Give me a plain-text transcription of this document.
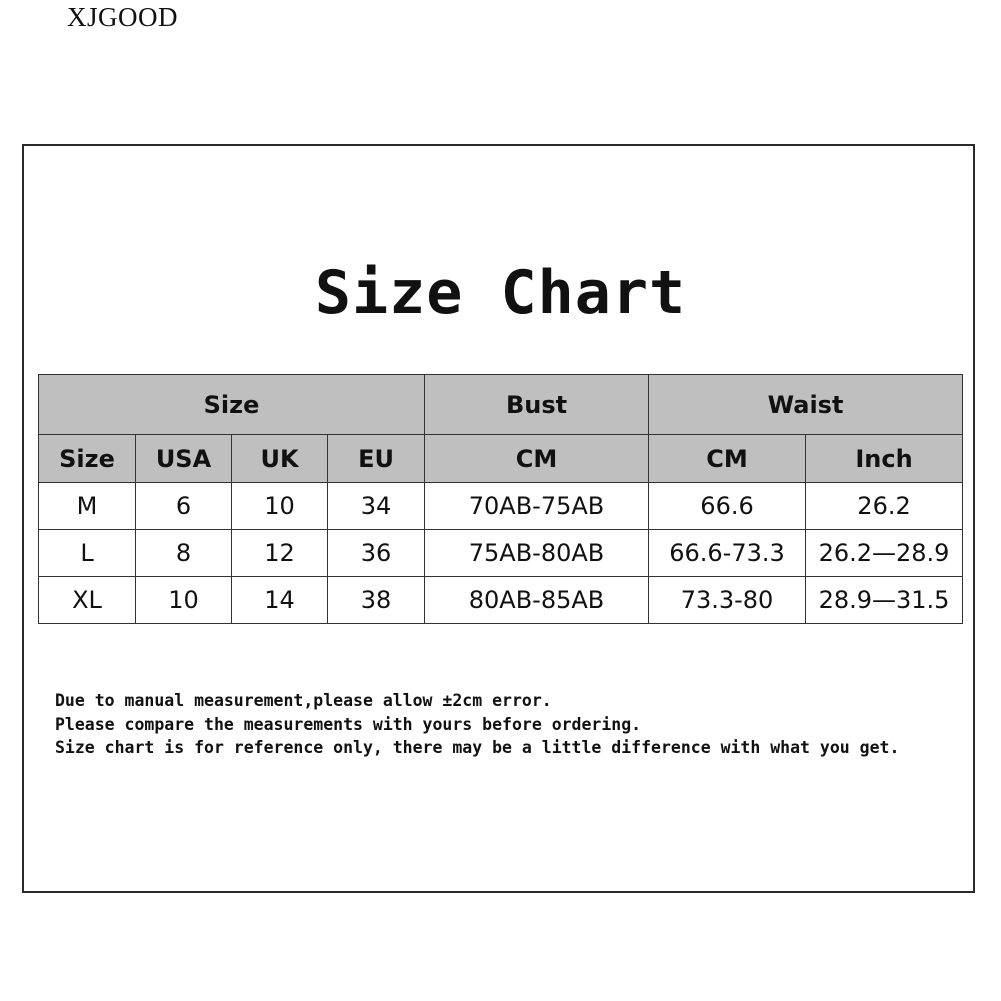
XJGOOD
Size Chart
Size				Bust	Waist	
Size	USA	UK	EU	CM	CM	Inch
M	6	10	34	70AB-75AB	66.6	26.2
L	8	12	36	75AB-80AB	66.6-73.3	26.2—28.9
XL	10	14	38	80AB-85AB	73.3-80	28.9—31.5
Due to manual measurement,please allow ±2cm error.
Please compare the measurements with yours before ordering.
Size chart is for reference only, there may be a little difference with what you get.
